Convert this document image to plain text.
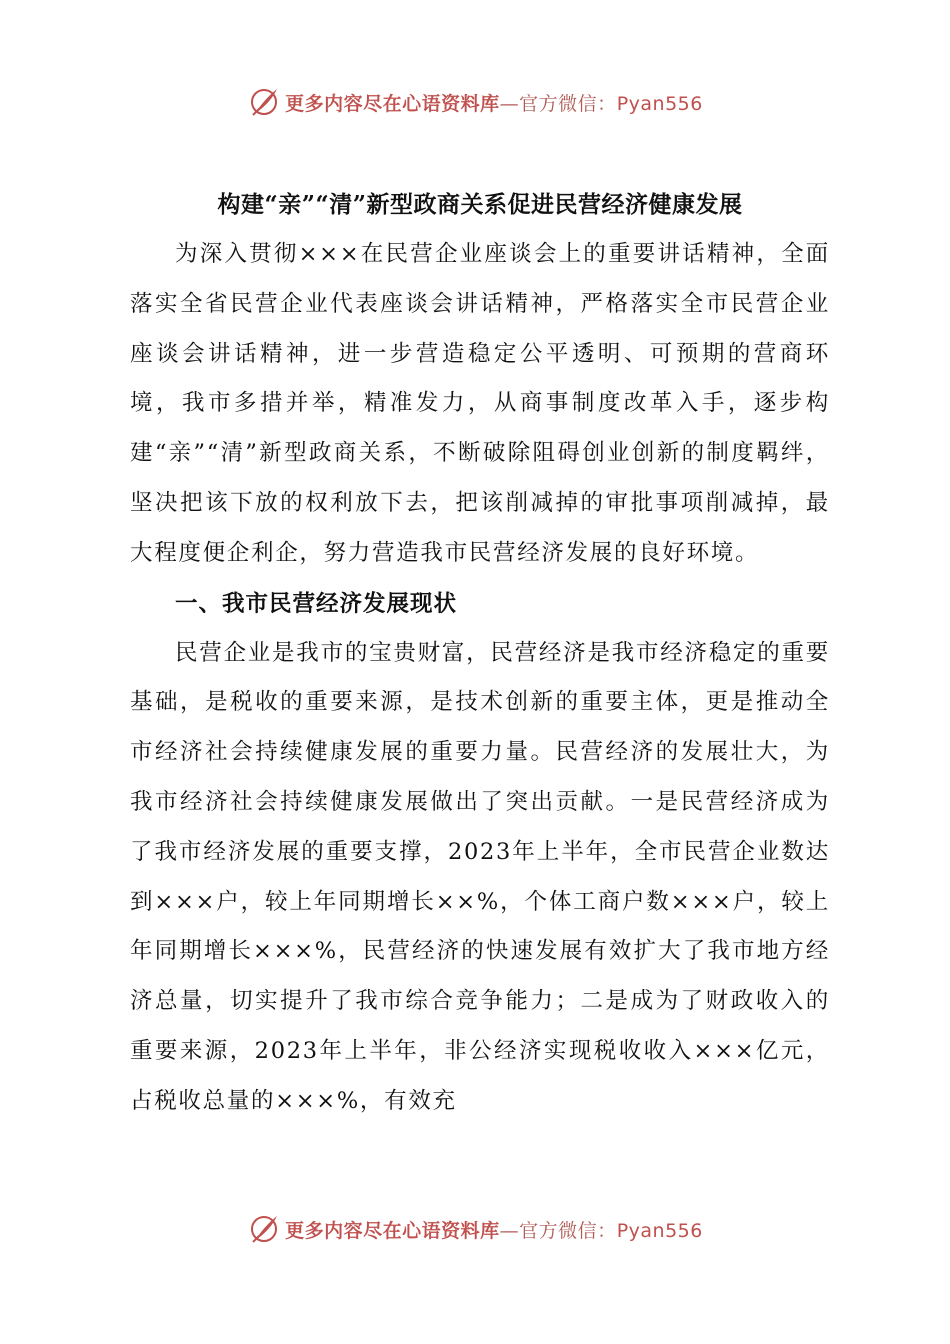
更多内容尽在心语资料库—官方微信：Pyan556
构建“亲”“清”新型政商关系促进民营经济健康发展

为深入贯彻×××在民营企业座谈会上的重要讲话精神，全面落实全省民营企业代表座谈会讲话精神，严格落实全市民营企业座谈会讲话精神，进一步营造稳定公平透明、可预期的营商环境，我市多措并举，精准发力，从商事制度改革入手，逐步构建“亲”“清”新型政商关系，不断破除阻碍创业创新的制度羁绊，坚决把该下放的权利放下去，把该削减掉的审批事项削减掉，最大程度便企利企，努力营造我市民营经济发展的良好环境。

一、我市民营经济发展现状

民营企业是我市的宝贵财富，民营经济是我市经济稳定的重要基础，是税收的重要来源，是技术创新的重要主体，更是推动全市经济社会持续健康发展的重要力量。民营经济的发展壮大，为我市经济社会持续健康发展做出了突出贡献。一是民营经济成为了我市经济发展的重要支撑，2023年上半年，全市民营企业数达到×××户，较上年同期增长××%，个体工商户数×××户，较上年同期增长×××%，民营经济的快速发展有效扩大了我市地方经济总量，切实提升了我市综合竞争能力；二是成为了财政收入的重要来源，2023年上半年，非公经济实现税收收入×××亿元，占税收总量的×××%，有效充

更多内容尽在心语资料库—官方微信：Pyan556
